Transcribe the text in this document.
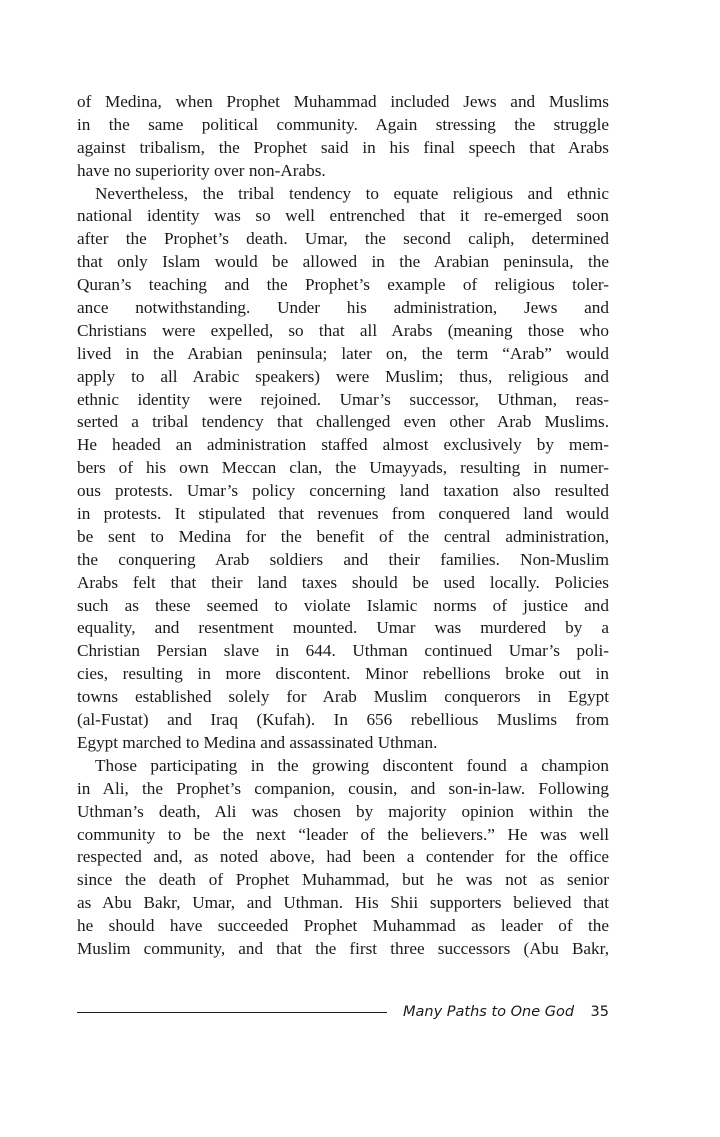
of Medina, when Prophet Muhammad included Jews and Muslims
in the same political community. Again stressing the struggle
against tribalism, the Prophet said in his final speech that Arabs
have no superiority over non-Arabs.
Nevertheless, the tribal tendency to equate religious and ethnic
national identity was so well entrenched that it re-emerged soon
after the Prophet’s death. Umar, the second caliph, determined
that only Islam would be allowed in the Arabian peninsula, the
Quran’s teaching and the Prophet’s example of religious toler-
ance notwithstanding. Under his administration, Jews and
Christians were expelled, so that all Arabs (meaning those who
lived in the Arabian peninsula; later on, the term “Arab” would
apply to all Arabic speakers) were Muslim; thus, religious and
ethnic identity were rejoined. Umar’s successor, Uthman, reas-
serted a tribal tendency that challenged even other Arab Muslims.
He headed an administration staffed almost exclusively by mem-
bers of his own Meccan clan, the Umayyads, resulting in numer-
ous protests. Umar’s policy concerning land taxation also resulted
in protests. It stipulated that revenues from conquered land would
be sent to Medina for the benefit of the central administration,
the conquering Arab soldiers and their families. Non-Muslim
Arabs felt that their land taxes should be used locally. Policies
such as these seemed to violate Islamic norms of justice and
equality, and resentment mounted. Umar was murdered by a
Christian Persian slave in 644. Uthman continued Umar’s poli-
cies, resulting in more discontent. Minor rebellions broke out in
towns established solely for Arab Muslim conquerors in Egypt
(al-Fustat) and Iraq (Kufah). In 656 rebellious Muslims from
Egypt marched to Medina and assassinated Uthman.
Those participating in the growing discontent found a champion
in Ali, the Prophet’s companion, cousin, and son-in-law. Following
Uthman’s death, Ali was chosen by majority opinion within the
community to be the next “leader of the believers.” He was well
respected and, as noted above, had been a contender for the office
since the death of Prophet Muhammad, but he was not as senior
as Abu Bakr, Umar, and Uthman. His Shii supporters believed that
he should have succeeded Prophet Muhammad as leader of the
Muslim community, and that the first three successors (Abu Bakr,
Many Paths to One God 35
